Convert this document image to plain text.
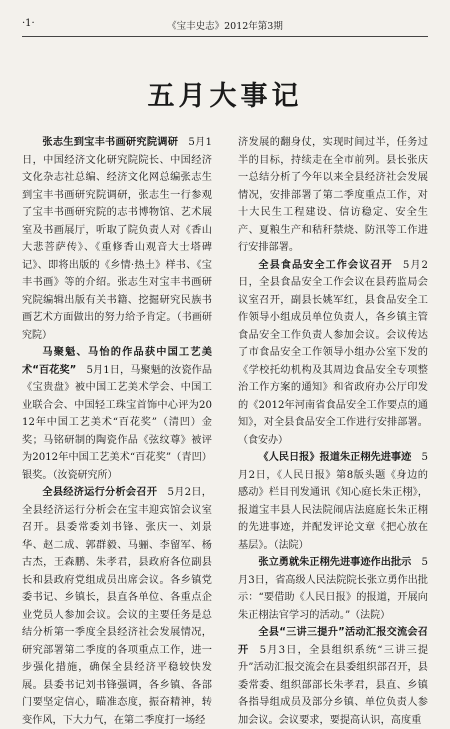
·1·	《宝丰史志》2012年第3期
五月大事记

张志生到宝丰书画研究院调研 5月1日，中国经济文化研究院院长、中国经济文化杂志社总编、经济文化网总编张志生到宝丰书画研究院调研，张志生一行参观了宝丰书画研究院的志书博物馆、艺术展室及书画展厅，听取了院负责人对《香山大悲菩萨传》、《重修香山观音大士塔碑记》、即将出版的《乡情·热土》样书、《宝丰书画》等的介绍。张志生对宝丰书画研究院编辑出版有关书籍、挖掘研究民族书画艺术方面做出的努力给予肯定。（书画研究院）

马聚魁、马怡的作品获中国工艺美术“百花奖” 5月1日，马聚魁的汝瓷作品《宝贵盘》被中国工艺美术学会、中国工业联合会、中国轻工珠宝首饰中心评为2012年中国工艺美术“百花奖”（清凹）金奖；马铭研制的陶瓷作品《弦纹尊》被评为2012年中国工艺美术“百花奖”（青凹）银奖。（汝瓷研究所）

全县经济运行分析会召开 5月2日，全县经济运行分析会在宝丰迎宾馆会议室召开。县委常委刘书锋、张庆一、刘景华、赵二成、郭群毅、马骊、李留军、杨古杰，王森鹏、朱孝君，县政府各位副县长和县政府党组成员出席会议。各乡镇党委书记、乡镇长，县直各单位、各重点企业党员人参加会议。会议的主要任务是总结分析第一季度全县经济社会发展情况，研究部署第二季度的各项重点工作，进一步强化措施，确保全县经济平稳较快发展。县委书记刘书锋强调，各乡镇、各部门要坚定信心，瞄准态度，振奋精神，转变作风，下大力气，在第二季度打一场经

济发展的翻身仗，实现时间过半，任务过半的目标，持续走在全市前列。县长张庆一总结分析了今年以来全县经济社会发展情况，安排部署了第二季度重点工作，对十大民生工程建设、信访稳定、安全生产、夏粮生产和秸秆禁烧、防汛等工作进行安排部署。

全县食品安全工作会议召开 5月2日，全县食品安全工作会议在县药监局会议室召开，副县长姚军红，县食品安全工作领导小组成员单位负责人，各乡镇主管食品安全工作负责人参加会议。会议传达了市食品安全工作领导小组办公室下发的《学校托幼机构及其周边食品安全专项整治工作方案的通知》和省政府办公厅印发的《2012年河南省食品安全工作要点的通知》，对全县食品安全工作进行安排部署。（食安办）

《人民日报》报道朱正栩先进事迹 5月2日，《人民日报》第8版头题《身边的感动》栏目刊发通讯《知心庭长朱正栩》，报道宝丰县人民法院闹店法庭庭长朱正栩的先进事迹，并配发评论文章《把心放在基层》。（法院）

张立勇就朱正栩先进事迹作出批示 5月3日，省高级人民法院院长张立勇作出批示：“要借助《人民日报》的报道，开展向朱正栩法官学习的活动。”（法院）

全县“三讲三提升”活动汇报交流会召开 5月3日，全县组织系统“三讲三提升”活动汇报交流会在县委组织部召开，县委常委、组织部部长朱孝君，县直、乡镇各指导组成员及部分乡镇、单位负责人参加会议。会议要求，要提高认识，高度重
